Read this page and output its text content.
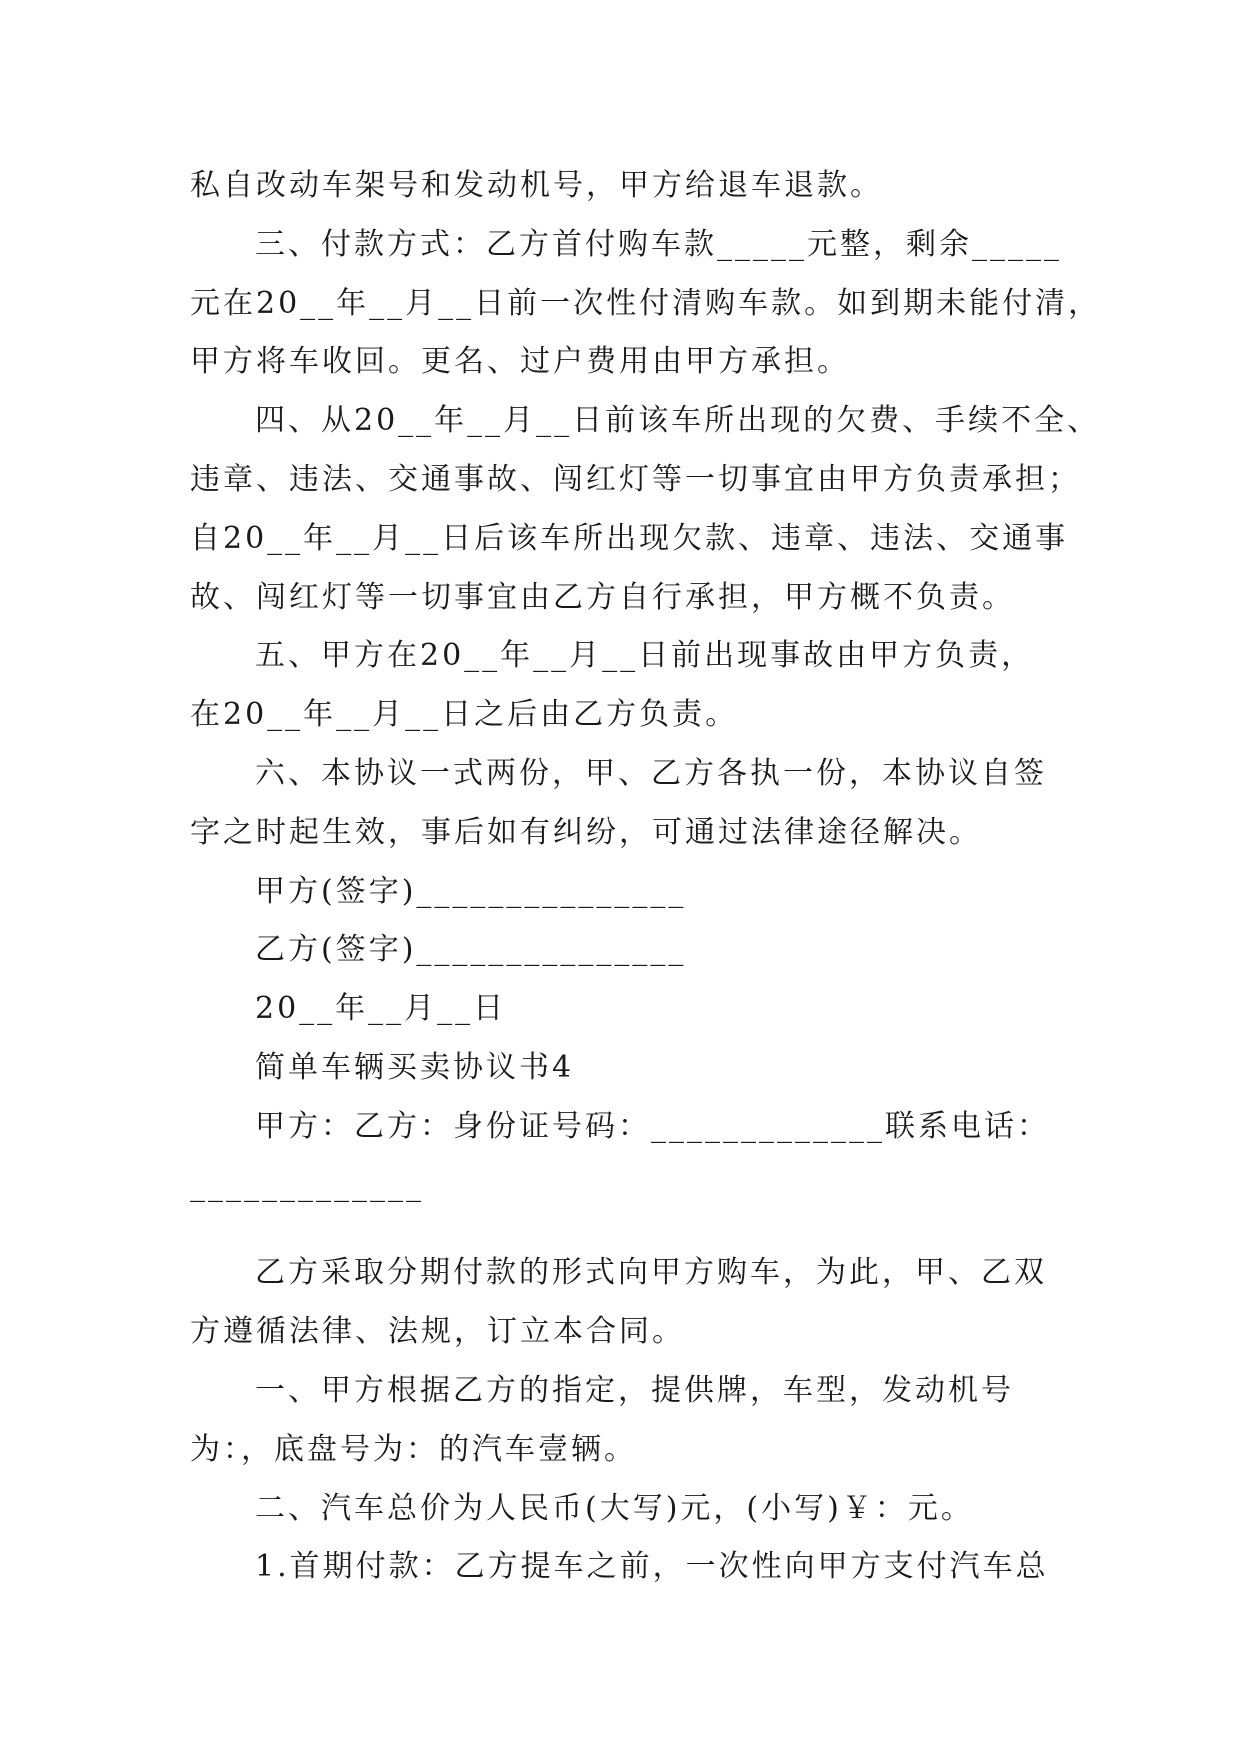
私自改动车架号和发动机号，甲方给退车退款。
三、付款方式：乙方首付购车款_____元整，剩余_____
元在20__年__月__日前一次性付清购车款。如到期未能付清，
甲方将车收回。更名、过户费用由甲方承担。
四、从20__年__月__日前该车所出现的欠费、手续不全、
违章、违法、交通事故、闯红灯等一切事宜由甲方负责承担；
自20__年__月__日后该车所出现欠款、违章、违法、交通事
故、闯红灯等一切事宜由乙方自行承担，甲方概不负责。
五、甲方在20__年__月__日前出现事故由甲方负责，
在20__年__月__日之后由乙方负责。
六、本协议一式两份，甲、乙方各执一份，本协议自签
字之时起生效，事后如有纠纷，可通过法律途径解决。
甲方(签字)_______________
乙方(签字)_______________
20__年__月__日
简单车辆买卖协议书4
甲方：乙方：身份证号码：_____________联系电话：
_____________
乙方采取分期付款的形式向甲方购车，为此，甲、乙双
方遵循法律、法规，订立本合同。
一、甲方根据乙方的指定，提供牌，车型，发动机号
为：，底盘号为：的汽车壹辆。
二、汽车总价为人民币(大写)元，(小写)￥：元。
1.首期付款：乙方提车之前，一次性向甲方支付汽车总
